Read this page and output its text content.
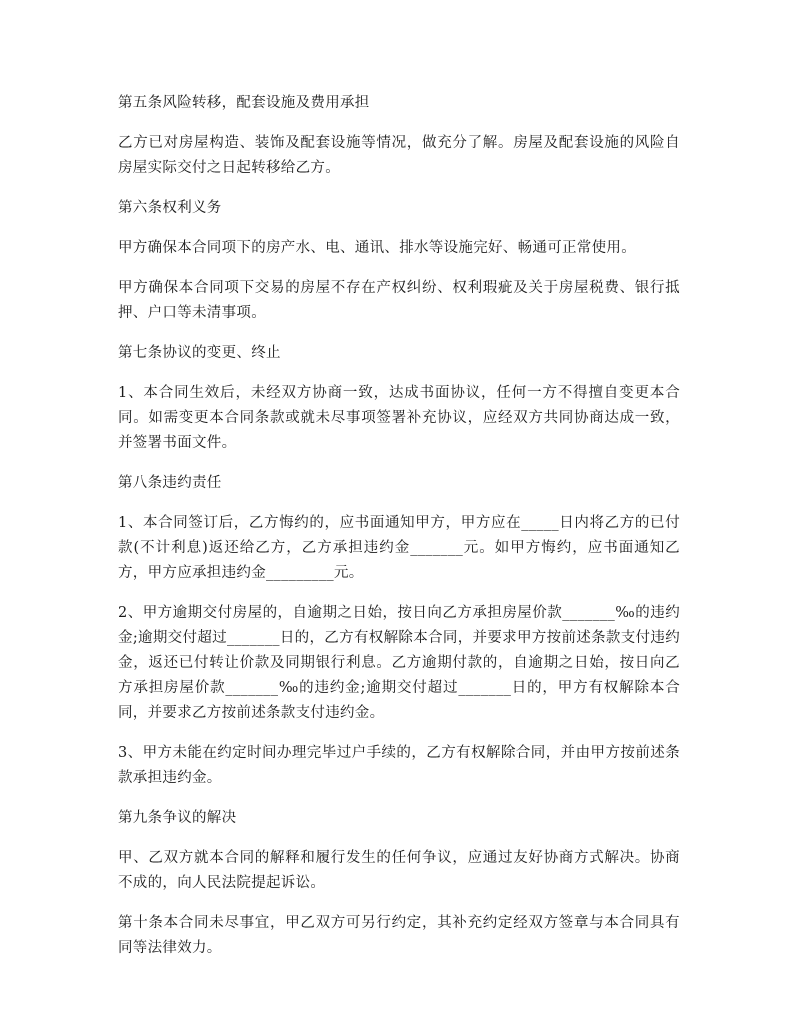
第五条风险转移，配套设施及费用承担

乙方已对房屋构造、装饰及配套设施等情况，做充分了解。房屋及配套设施的风险自房屋实际交付之日起转移给乙方。

第六条权利义务

甲方确保本合同项下的房产水、电、通讯、排水等设施完好、畅通可正常使用。

甲方确保本合同项下交易的房屋不存在产权纠纷、权利瑕疵及关于房屋税费、银行抵押、户口等未清事项。

第七条协议的变更、终止

1、本合同生效后，未经双方协商一致，达成书面协议，任何一方不得擅自变更本合同。如需变更本合同条款或就未尽事项签署补充协议，应经双方共同协商达成一致，并签署书面文件。

第八条违约责任

1、本合同签订后，乙方悔约的，应书面通知甲方，甲方应在_____日内将乙方的已付款(不计利息)返还给乙方，乙方承担违约金_______元。如甲方悔约，应书面通知乙方，甲方应承担违约金_________元。

2、甲方逾期交付房屋的，自逾期之日始，按日向乙方承担房屋价款_______‰的违约金;逾期交付超过_______日的，乙方有权解除本合同，并要求甲方按前述条款支付违约金，返还已付转让价款及同期银行利息。乙方逾期付款的，自逾期之日始，按日向乙方承担房屋价款_______‰的违约金;逾期交付超过_______日的，甲方有权解除本合同，并要求乙方按前述条款支付违约金。

3、甲方未能在约定时间办理完毕过户手续的，乙方有权解除合同，并由甲方按前述条款承担违约金。

第九条争议的解决

甲、乙双方就本合同的解释和履行发生的任何争议，应通过友好协商方式解决。协商不成的，向人民法院提起诉讼。

第十条本合同未尽事宜，甲乙双方可另行约定，其补充约定经双方签章与本合同具有同等法律效力。
